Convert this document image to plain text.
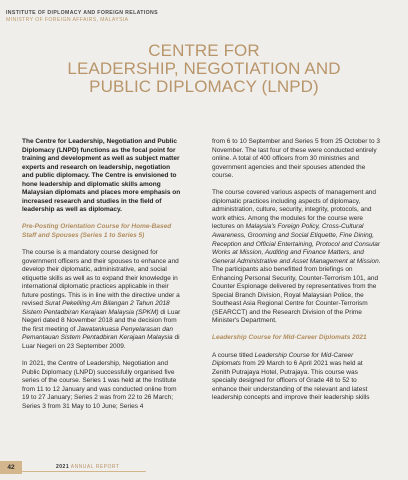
INSTITUTE OF DIPLOMACY AND FOREIGN RELATIONS
MINISTRY OF FOREIGN AFFAIRS, MALAYSIA
CENTRE FOR
LEADERSHIP, NEGOTIATION AND
PUBLIC DIPLOMACY (LNPD)

The Centre for Leadership, Negotiation and Public Diplomacy (LNPD) functions as the focal point for training and development as well as subject matter experts and research on leadership, negotiation and public diplomacy. The Centre is envisioned to hone leadership and diplomatic skills among Malaysian diplomats and places more emphasis on increased research and studies in the field of leadership as well as diplomacy.

Pre-Posting Orientation Course for Home-Based Staff and Spouses (Series 1 to Series 5)

The course is a mandatory course designed for government officers and their spouses to enhance and develop their diplomatic, administrative, and social etiquette skills as well as to expand their knowledge in international diplomatic practices applicable in their future postings. This is in line with the directive under a revised Surat Pekeliling Am Bilangan 2 Tahun 2018 Sistem Pentadbiran Kerajaan Malaysia (SPKM) di Luar Negeri dated 8 November 2018 and the decision from the first meeting of Jawatankuasa Penyelarasan dan Pemantauan Sistem Pentadbiran Kerajaan Malaysia di Luar Negeri on 23 September 2009.

In 2021, the Centre of Leadership, Negotiation and Public Diplomacy (LNPD) successfully organised five series of the course. Series 1 was held at the Institute from 11 to 12 January and was conducted online from 19 to 27 January; Series 2 was from 22 to 26 March; Series 3 from 31 May to 10 June; Series 4

from 6 to 10 September and Series 5 from 25 October to 3 November. The last four of these were conducted entirely online. A total of 400 officers from 30 ministries and government agencies and their spouses attended the course.

The course covered various aspects of management and diplomatic practices including aspects of diplomacy, administration, culture, security, integrity, protocols, and work ethics. Among the modules for the course were lectures on Malaysia's Foreign Policy, Cross-Cultural Awareness, Grooming and Social Etiquette, Fine Dining, Reception and Official Entertaining, Protocol and Consular Works at Mission, Auditing and Finance Matters, and General Administrative and Asset Management at Mission. The participants also benefitted from briefings on Enhancing Personal Security, Counter-Terrorism 101, and Counter Espionage delivered by representatives from the Special Branch Division, Royal Malaysian Police, the Southeast Asia Regional Centre for Counter-Terrorism (SEARCCT) and the Research Division of the Prime Minister's Department.

Leadership Course for Mid-Career Diplomats 2021

A course titled Leadership Course for Mid-Career Diplomats from 29 March to 6 April 2021 was held at Zenith Putrajaya Hotel, Putrajaya. This course was specially designed for officers of Grade 48 to 52 to enhance their understanding of the relevant and latest leadership concepts and improve their leadership skills

42	2021 ANNUAL REPORT
